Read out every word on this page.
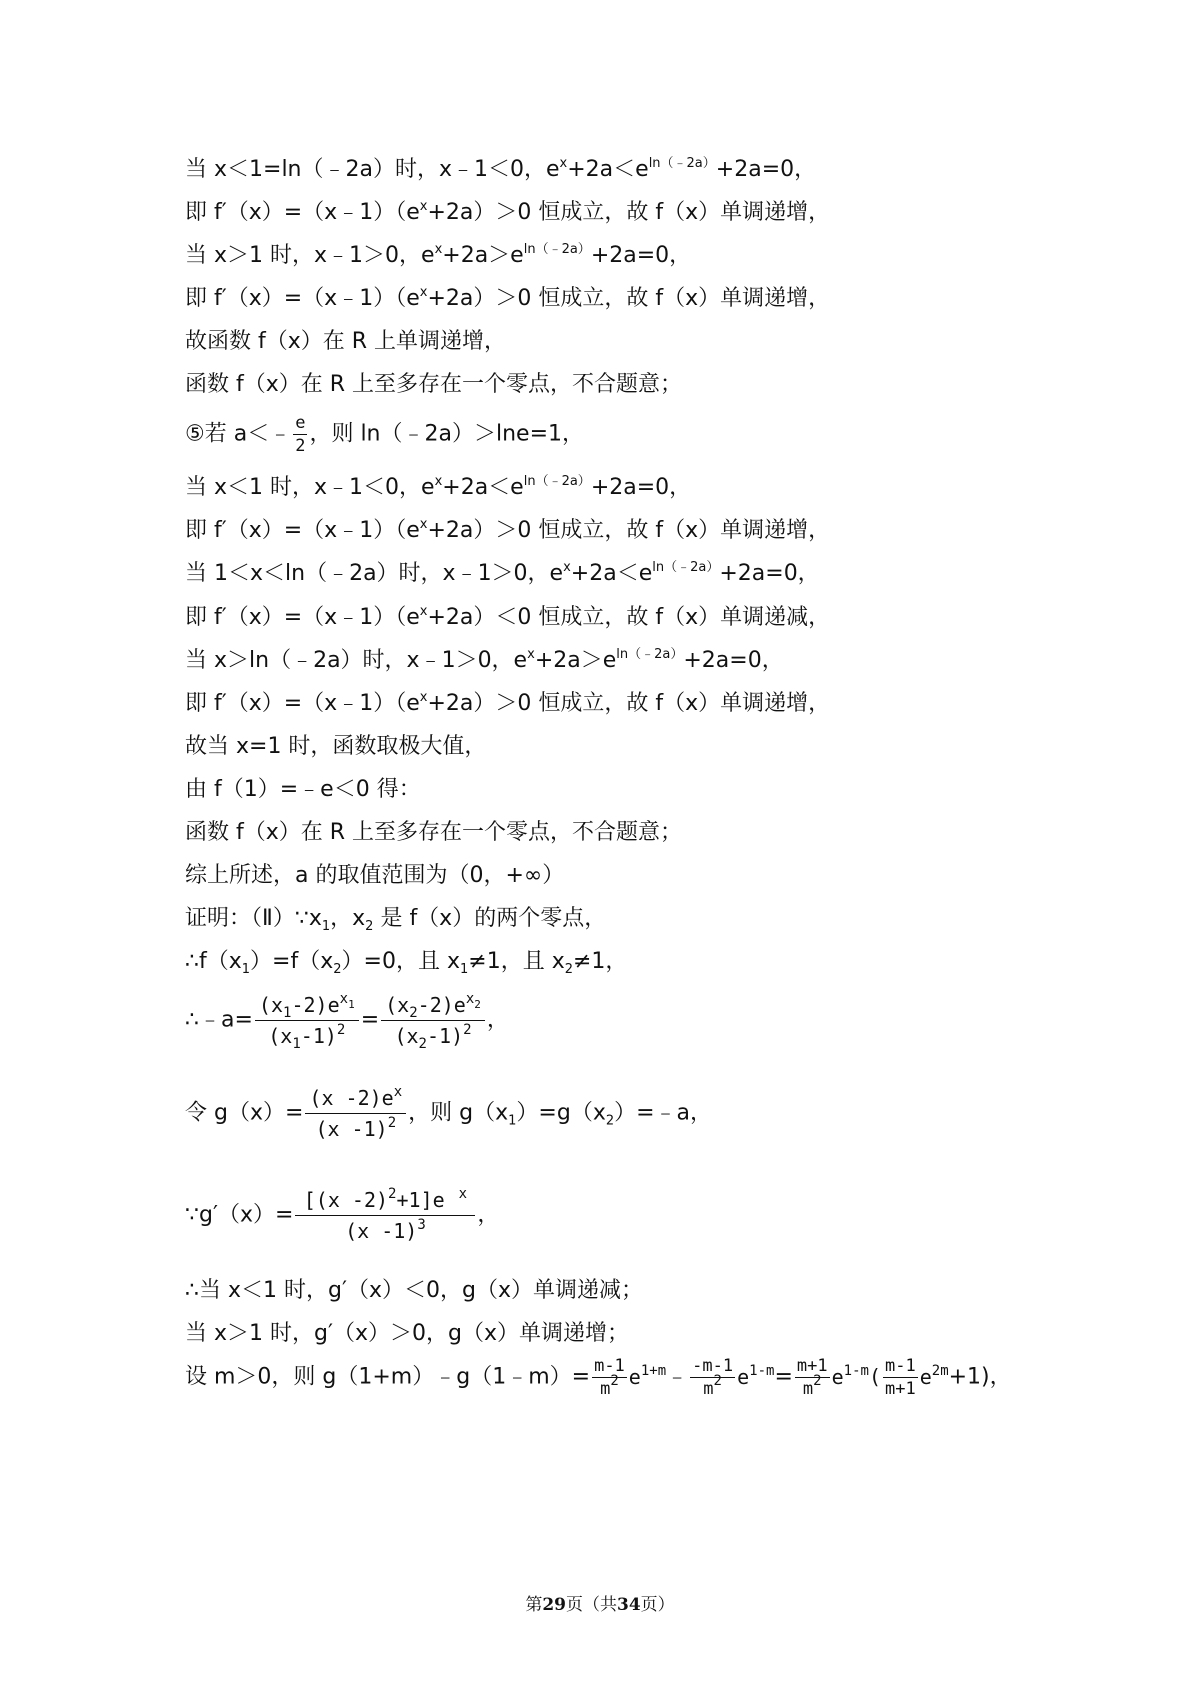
当 x＜1=ln（﹣2a）时，x﹣1＜0，$e^x+2a<e^{ln(﹣2a)}+2a=0$，
即 $f'(x)=(x﹣1)(e^x+2a)>0$ 恒成立，故 f（x）单调递增，
当 x＞1 时，x﹣1＞0，$e^x+2a>e^{ln(﹣2a)}+2a=0$，
即 $f'(x)=(x﹣1)(e^x+2a)>0$ 恒成立，故 f（x）单调递增，
故函数 f（x）在 R 上单调递增，
函数 f（x）在 R 上至多存在一个零点，不合题意；
⑤若 a＜﹣ $\frac{e}{2}$ ，则 ln（﹣2a）＞lne=1，
当 x＜1 时，x﹣1＜0，$e^x+2a<e^{ln(﹣2a)}+2a=0$，
即 $f'(x)=(x﹣1)(e^x+2a)>0$ 恒成立，故 f（x）单调递增，
当 1＜x＜ln（﹣2a）时，x﹣1＞0，$e^x+2a<e^{ln(﹣2a)}+2a=0$，
即 $f'(x)=(x﹣1)(e^x+2a)<0$ 恒成立，故 f（x）单调递减，
当 x＞ln（﹣2a）时，x﹣1＞0，$e^x+2a>e^{ln(﹣2a)}+2a=0$，
即 $f'(x)=(x﹣1)(e^x+2a)>0$ 恒成立，故 f（x）单调递增，
故当 x=1 时，函数取极大值，
由 f（1）=﹣e＜0 得：
函数 f（x）在 R 上至多存在一个零点，不合题意；
综上所述，a 的取值范围为（0，+∞）
证明：$(Ⅱ)\because x_1$，$x_2$ 是 f（x）的两个零点，
$\therefore f(x_1)=f(x_2)=0$，且 $x_1\ne 1$，且 $x_2\ne 1$，
∴﹣a= $\frac{(x_1-2)e^{x_1}}{(x_1-1)^2} = \frac{(x_2-2)e^{x_2}}{(x_2-1)^2}$ ，
令 $g(x)= \frac{(x -2)e^x}{(x -1)^2}$ ，则 $g(x_1)=g(x_2)=﹣a$，
∵g′（x）= $\frac{[(x -2)^2+1]e ^x}{(x -1)^3}$ ，
∴当 x＜1 时，g′（x）＜0，g（x）单调递减；
当 x＞1 时，g′（x）＞0，g（x）单调递增；
设 m＞0，则 g（1+m）﹣g（1﹣m）= $\frac{m-1}{m^2}$ $e^{1+m}﹣ \frac{-m-1}{m^2} e^{1-m}= \frac{m+1}{m^2} e^{1-m}( \frac{m-1}{m+1} e^{2m}+1)$，
第29页（共34页）
